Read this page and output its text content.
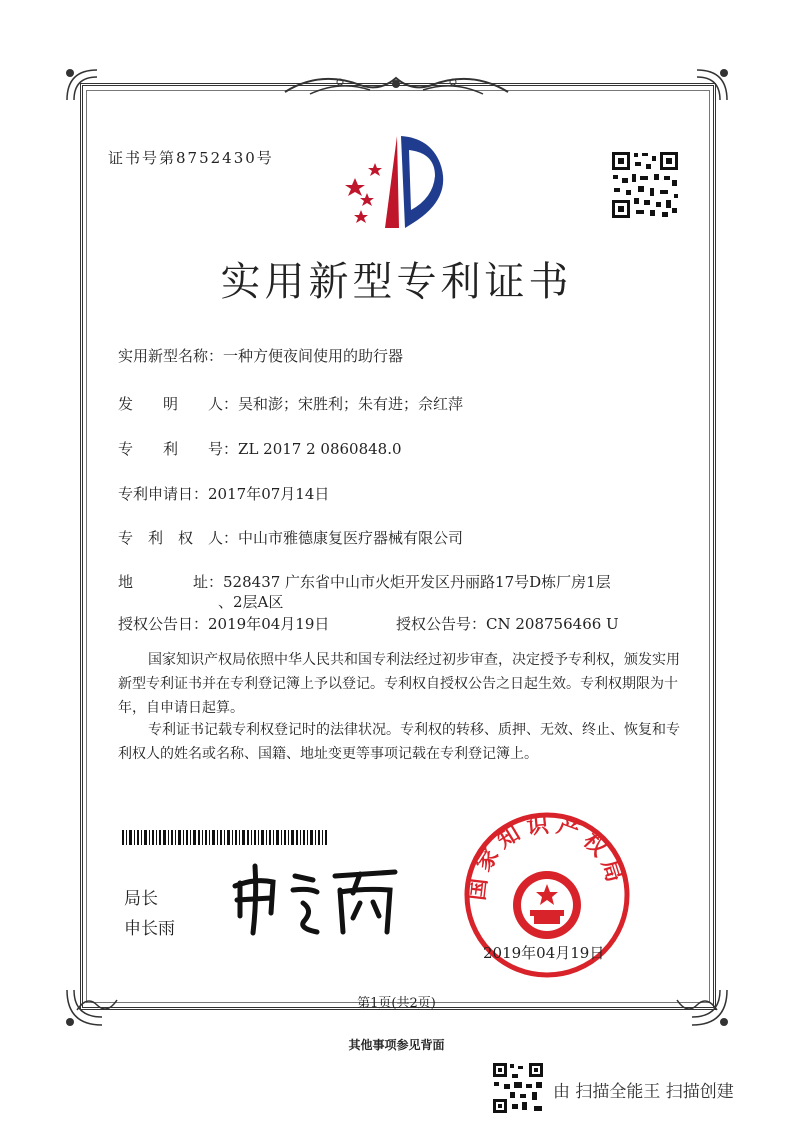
证书号第8752430号
实用新型专利证书
实用新型名称：一种方便夜间使用的助行器
发　　明　　人：吴和澎；宋胜利；朱有进；佘红萍
专　　利　　号：ZL 2017 2 0860848.0
专利申请日：2017年07月14日
专　利　权　人：中山市雅德康复医疗器械有限公司
地　　　　址：528437 广东省中山市火炬开发区丹丽路17号D栋厂房1层
、2层A区
授权公告日：2019年04月19日	授权公告号：CN 208756466 U
国家知识产权局依照中华人民共和国专利法经过初步审查，决定授予专利权，颁发实用新型专利证书并在专利登记簿上予以登记。专利权自授权公告之日起生效。专利权期限为十年，自申请日起算。
专利证书记载专利权登记时的法律状况。专利权的转移、质押、无效、终止、恢复和专利权人的姓名或名称、国籍、地址变更等事项记载在专利登记簿上。
局长
申长雨
国家知识产权局
2019年04月19日
第1页(共2页)
其他事项参见背面
由 扫描全能王 扫描创建
